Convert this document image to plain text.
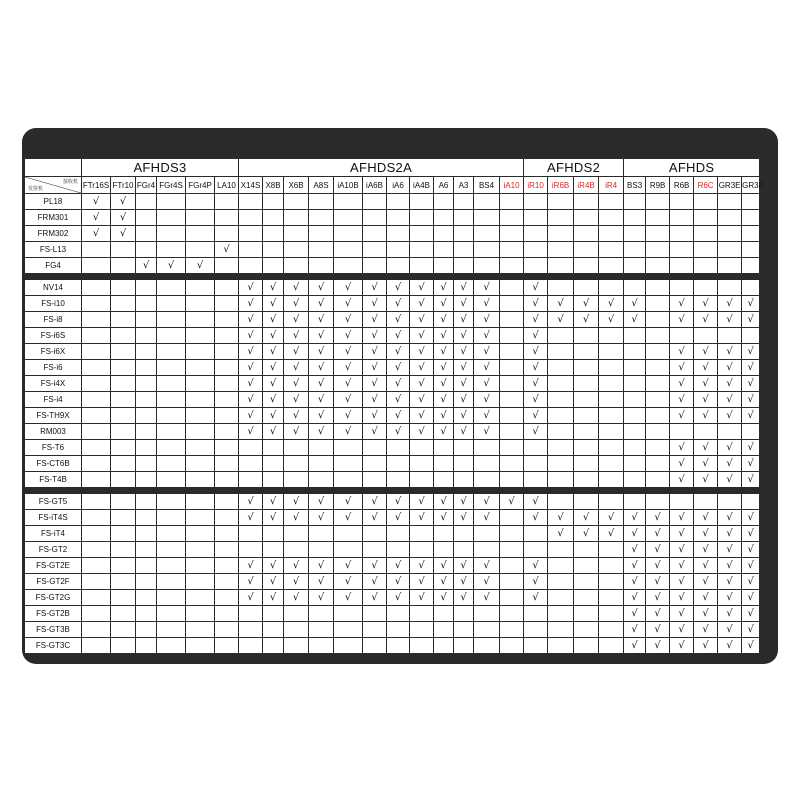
	AFHDS3						AFHDS2A												AFHDS2				AFHDS					

接收机
发射机	FTr16S	FTr10	FGr4	FGr4S	FGr4P	LA10	X14S	X8B	X6B	A8S	iA10B	iA6B	iA6	iA4B	A6	A3	BS4	iA10	iR10	iR6B	iR4B	iR4	BS3	R9B	R6B	R6C	GR3E	GR3F
PL18	√	√																										
FRM301	√	√																										
FRM302	√	√																										
FS-L13						√																						
FG4			√	√	√																							

NV14							√	√	√	√	√	√	√	√	√	√	√		√									
FS-i10							√	√	√	√	√	√	√	√	√	√	√		√	√	√	√	√		√	√	√	√
FS-i8							√	√	√	√	√	√	√	√	√	√	√		√	√	√	√	√		√	√	√	√
FS-i6S							√	√	√	√	√	√	√	√	√	√	√		√									
FS-i6X							√	√	√	√	√	√	√	√	√	√	√		√						√	√	√	√
FS-i6							√	√	√	√	√	√	√	√	√	√	√		√						√	√	√	√
FS-i4X							√	√	√	√	√	√	√	√	√	√	√		√						√	√	√	√
FS-i4							√	√	√	√	√	√	√	√	√	√	√		√						√	√	√	√
FS-TH9X							√	√	√	√	√	√	√	√	√	√	√		√						√	√	√	√
RM003							√	√	√	√	√	√	√	√	√	√	√		√									
FS-T6																									√	√	√	√
FS-CT6B																									√	√	√	√
FS-T4B																									√	√	√	√

FS-GT5							√	√	√	√	√	√	√	√	√	√	√	√	√									
FS-iT4S							√	√	√	√	√	√	√	√	√	√	√		√	√	√	√	√	√	√	√	√	√
FS-iT4																				√	√	√	√	√	√	√	√	√
FS-GT2																							√	√	√	√	√	√
FS-GT2E							√	√	√	√	√	√	√	√	√	√	√		√				√	√	√	√	√	√
FS-GT2F							√	√	√	√	√	√	√	√	√	√	√		√				√	√	√	√	√	√
FS-GT2G							√	√	√	√	√	√	√	√	√	√	√		√				√	√	√	√	√	√
FS-GT2B																							√	√	√	√	√	√
FS-GT3B																							√	√	√	√	√	√
FS-GT3C																							√	√	√	√	√	√
